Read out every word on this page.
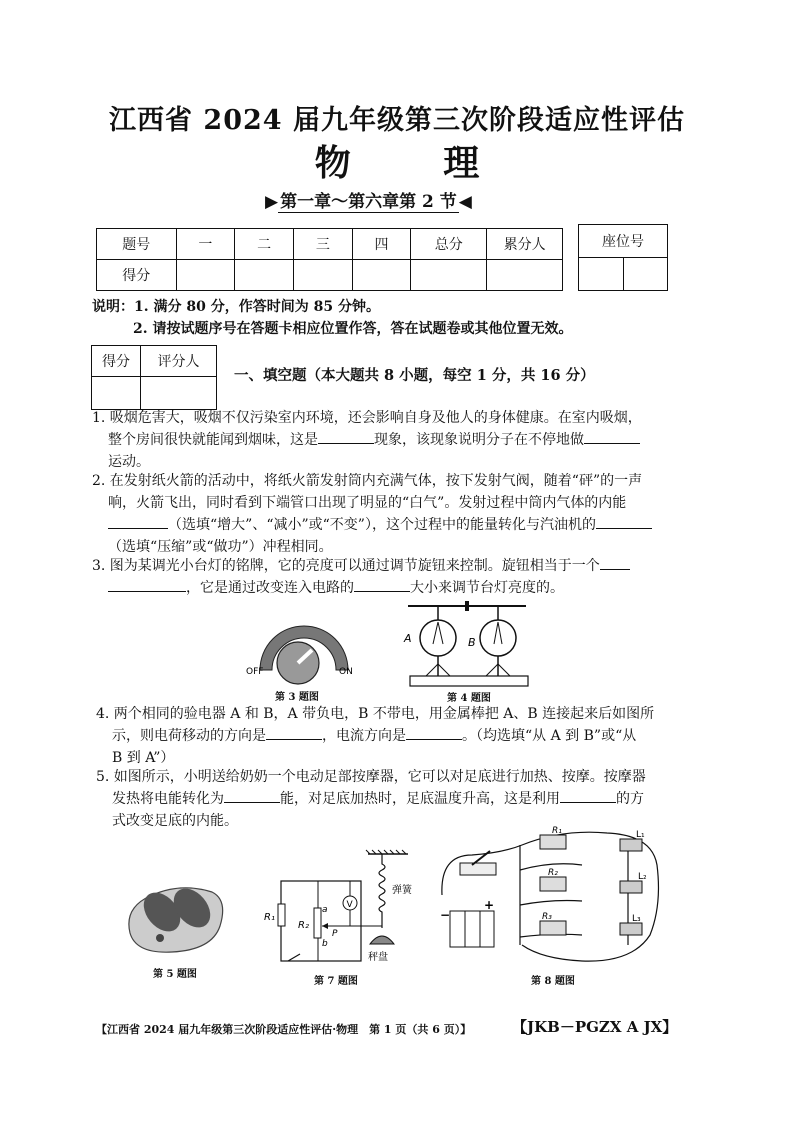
江西省 2024 届九年级第三次阶段适应性评估
物 理
▶ 第一章～第六章第 2 节 ◀
题号	一	二	三	四	总分	累分人
得分						
座位号

说明：1. 满分 80 分，作答时间为 85 分钟。
2. 请按试题序号在答题卡相应位置作答，答在试题卷或其他位置无效。
得分	评分人

一、填空题（本大题共 8 小题，每空 1 分，共 16 分）
1. 吸烟危害大，吸烟不仅污染室内环境，还会影响自身及他人的身体健康。在室内吸烟，
整个房间很快就能闻到烟味，这是	现象，该现象说明分子在不停地做
运动。
2. 在发射纸火箭的活动中，将纸火箭发射筒内充满气体，按下发射气阀，随着“砰”的一声
响，火箭飞出，同时看到下端管口出现了明显的“白气”。发射过程中筒内气体的内能
（选填“增大”、“减小”或“不变”），这个过程中的能量转化与汽油机的
（选填“压缩”或“做功”）冲程相同。
3. 图为某调光小台灯的铭牌，它的亮度可以通过调节旋钮来控制。旋钮相当于一个
，它是通过改变连入电路的	大小来调节台灯亮度的。
OFF	ON
第 3 题图
A	B
第 4 题图
4. 两个相同的验电器 A 和 B，A 带负电，B 不带电，用金属棒把 A、B 连接起来后如图所
示，则电荷移动的方向是	，电流方向是	。（均选填“从 A 到 B”或“从
B 到 A”）
5. 如图所示，小明送给奶奶一个电动足部按摩器，它可以对足底进行加热、按摩。按摩器
发热将电能转化为	能，对足底加热时，足底温度升高，这是利用	的方
式改变足底的内能。
第 5 题图
V
R₁
R₂
a
b
P
弹簧
秤盘
第 7 题图
−
+
R₁
R₂
R₃
L₁
L₂
L₃
第 8 题图
【江西省 2024 届九年级第三次阶段适应性评估·物理　第 1 页（共 6 页）】	【JKB－PGZX A JX】
